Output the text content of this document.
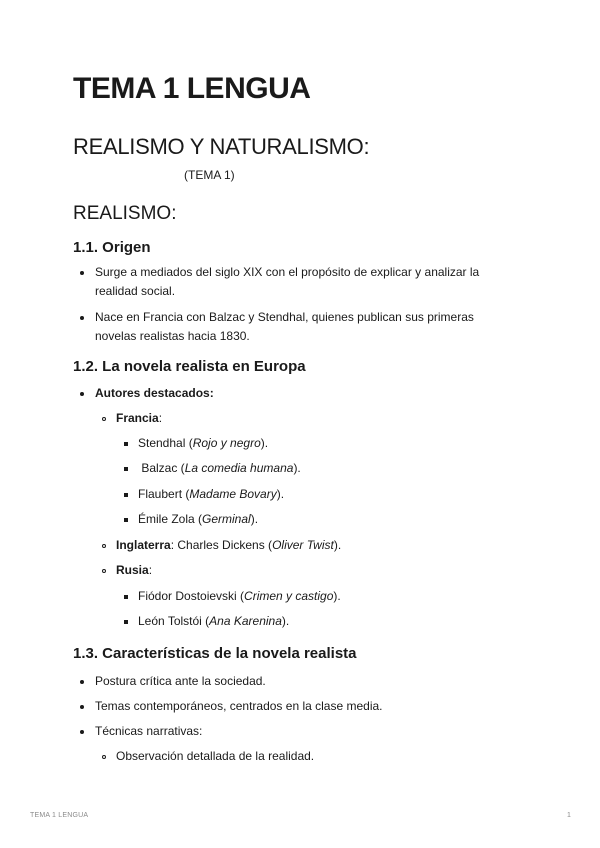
TEMA 1 LENGUA
REALISMO Y NATURALISMO:
(TEMA 1)
REALISMO:
1.1. Origen
Surge a mediados del siglo XIX con el propósito de explicar y analizar la
realidad social.
Nace en Francia con Balzac y Stendhal, quienes publican sus primeras
novelas realistas hacia 1830.
1.2. La novela realista en Europa
Autores destacados:
Francia:
Stendhal (Rojo y negro).
Balzac (La comedia humana).
Flaubert (Madame Bovary).
Émile Zola (Germinal).
Inglaterra: Charles Dickens (Oliver Twist).
Rusia:
Fiódor Dostoievski (Crimen y castigo).
León Tolstói (Ana Karenina).
1.3. Características de la novela realista
Postura crítica ante la sociedad.
Temas contemporáneos, centrados en la clase media.
Técnicas narrativas:
Observación detallada de la realidad.
TEMA 1 LENGUA	1
